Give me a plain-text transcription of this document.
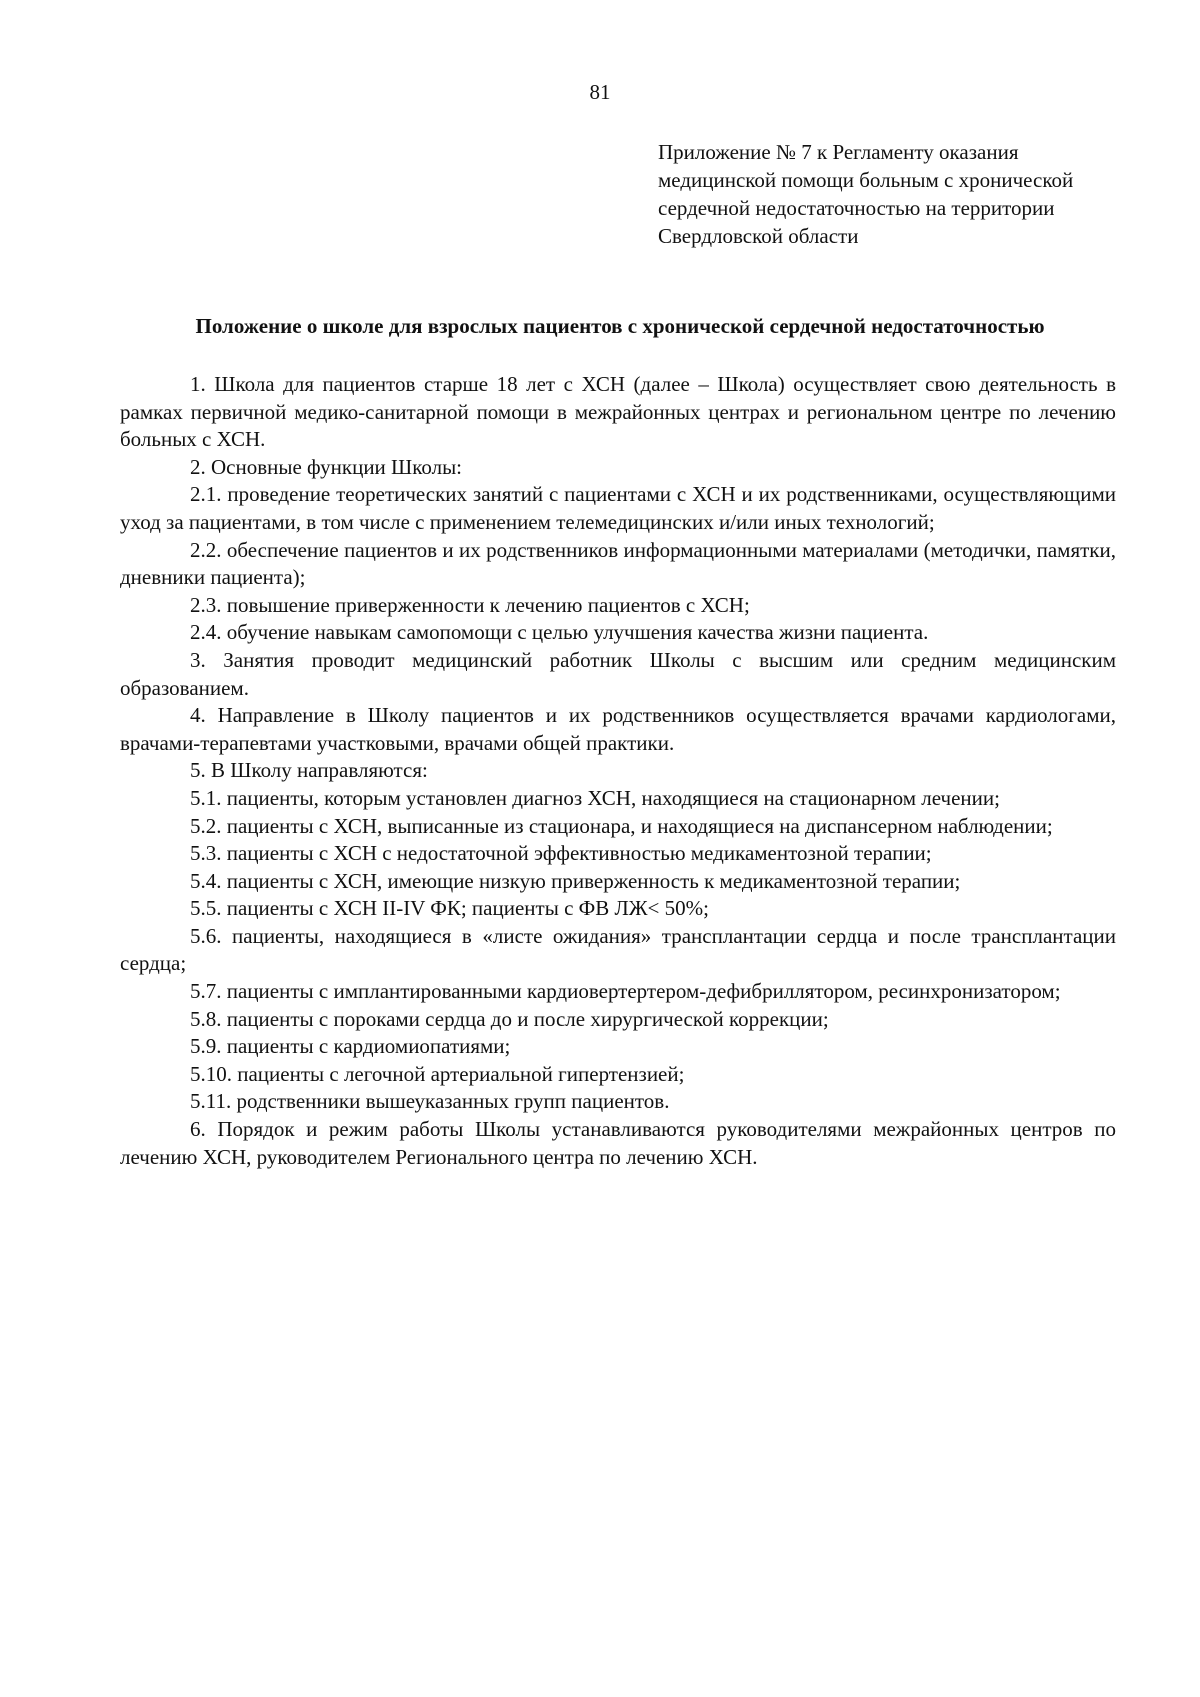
81
Приложение № 7 к Регламенту оказания
медицинской помощи больным с хронической
сердечной недостаточностью на территории
Свердловской области
Положение о школе для взрослых пациентов с хронической сердечной недостаточностью

1. Школа для пациентов старше 18 лет с ХСН (далее – Школа) осуществляет свою деятельность в рамках первичной медико-санитарной помощи в межрайонных центрах и региональном центре по лечению больных с ХСН.

2. Основные функции Школы:

2.1. проведение теоретических занятий с пациентами с ХСН и их родственниками, осуществляющими уход за пациентами, в том числе с применением телемедицинских и/или иных технологий;

2.2. обеспечение пациентов и их родственников информационными материалами (методички, памятки, дневники пациента);

2.3. повышение приверженности к лечению пациентов с ХСН;

2.4. обучение навыкам самопомощи с целью улучшения качества жизни пациента.

3. Занятия проводит медицинский работник Школы с высшим или средним медицинским образованием.

4. Направление в Школу пациентов и их родственников осуществляется врачами кардиологами, врачами-терапевтами участковыми, врачами общей практики.

5. В Школу направляются:

5.1. пациенты, которым установлен диагноз ХСН, находящиеся на стационарном лечении;

5.2. пациенты с ХСН, выписанные из стационара, и находящиеся на диспансерном наблюдении;

5.3. пациенты с ХСН с недостаточной эффективностью медикаментозной терапии;

5.4. пациенты с ХСН, имеющие низкую приверженность к медикаментозной терапии;

5.5. пациенты с ХСН II-IV ФК; пациенты с ФВ ЛЖ< 50%;

5.6. пациенты, находящиеся в «листе ожидания» трансплантации сердца и после трансплантации сердца;

5.7. пациенты с имплантированными кардиовертертером-дефибриллятором, ресинхронизатором;

5.8. пациенты с пороками сердца до и после хирургической коррекции;

5.9. пациенты с кардиомиопатиями;

5.10. пациенты с легочной артериальной гипертензией;

5.11. родственники вышеуказанных групп пациентов.

6. Порядок и режим работы Школы устанавливаются руководителями межрайонных центров по лечению ХСН, руководителем Регионального центра по лечению ХСН.
